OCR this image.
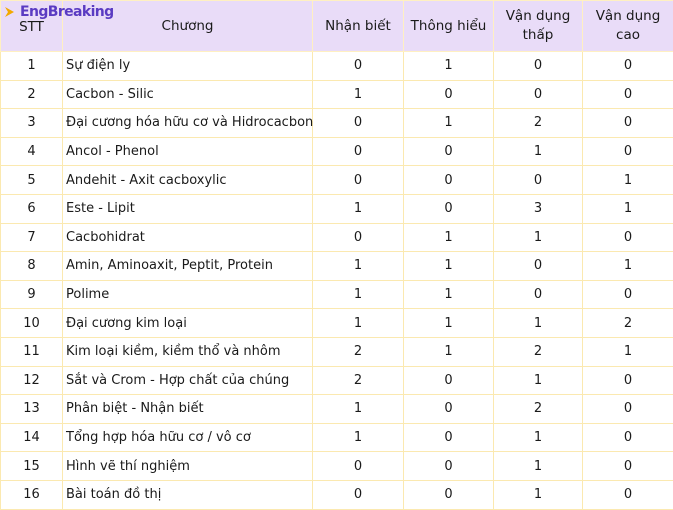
EngBreaking
STT	Chương	Nhận biết	Thông hiểu	Vận dụng thấp	Vận dụng cao
1	Sự điện ly	0	1	0	0
2	Cacbon - Silic	1	0	0	0
3	Đại cương hóa hữu cơ và Hidrocacbon	0	1	2	0
4	Ancol - Phenol	0	0	1	0
5	Andehit - Axit cacboxylic	0	0	0	1
6	Este - Lipit	1	0	3	1
7	Cacbohidrat	0	1	1	0
8	Amin, Aminoaxit, Peptit, Protein	1	1	0	1
9	Polime	1	1	0	0
10	Đại cương kim loại	1	1	1	2
11	Kim loại kiềm, kiềm thổ và nhôm	2	1	2	1
12	Sắt và Crom - Hợp chất của chúng	2	0	1	0
13	Phân biệt - Nhận biết	1	0	2	0
14	Tổng hợp hóa hữu cơ / vô cơ	1	0	1	0
15	Hình vẽ thí nghiệm	0	0	1	0
16	Bài toán đồ thị	0	0	1	0
